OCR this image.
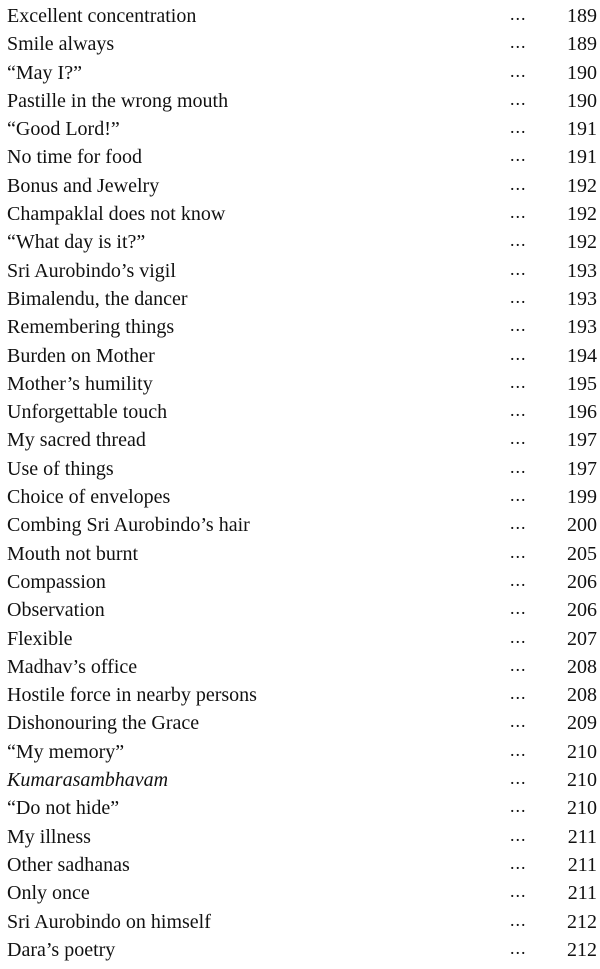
Excellent concentration	...	189
Smile always	...	189
“May I?”	...	190
Pastille in the wrong mouth	...	190
“Good Lord!”	...	191
No time for food	...	191
Bonus and Jewelry	...	192
Champaklal does not know	...	192
“What day is it?”	...	192
Sri Aurobindo’s vigil	...	193
Bimalendu, the dancer	...	193
Remembering things	...	193
Burden on Mother	...	194
Mother’s humility	...	195
Unforgettable touch	...	196
My sacred thread	...	197
Use of things	...	197
Choice of envelopes	...	199
Combing Sri Aurobindo’s hair	...	200
Mouth not burnt	...	205
Compassion	...	206
Observation	...	206
Flexible	...	207
Madhav’s office	...	208
Hostile force in nearby persons	...	208
Dishonouring the Grace	...	209
“My memory”	...	210
Kumarasambhavam	...	210
“Do not hide”	...	210
My illness	...	211
Other sadhanas	...	211
Only once	...	211
Sri Aurobindo on himself	...	212
Dara’s poetry	...	212
